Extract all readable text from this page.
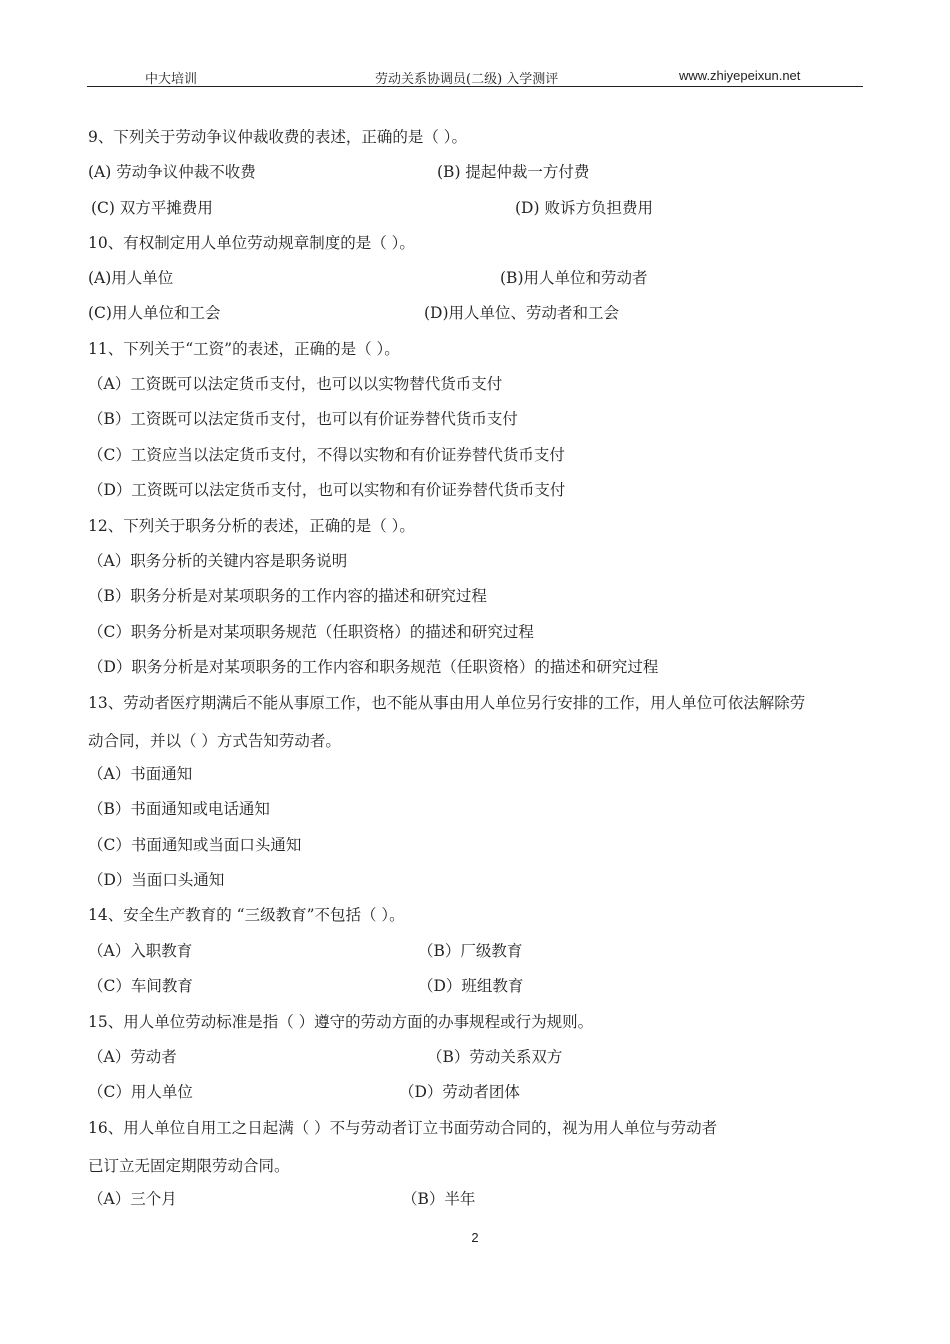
中大培训	劳动关系协调员(二级) 入学测评	www.zhiyepeixun.net
9、下列关于劳动争议仲裁收费的表述，正确的是（ ）。
(A) 劳动争议仲裁不收费	(B) 提起仲裁一方付费
(C) 双方平摊费用	(D) 败诉方负担费用
10、有权制定用人单位劳动规章制度的是（ ）。
(A)用人单位	(B)用人单位和劳动者
(C)用人单位和工会	(D)用人单位、劳动者和工会
11、下列关于“工资”的表述，正确的是（ ）。
（A）工资既可以法定货币支付，也可以以实物替代货币支付
（B）工资既可以法定货币支付，也可以有价证券替代货币支付
（C）工资应当以法定货币支付，不得以实物和有价证券替代货币支付
（D）工资既可以法定货币支付，也可以实物和有价证券替代货币支付
12、下列关于职务分析的表述，正确的是（ ）。
（A）职务分析的关键内容是职务说明
（B）职务分析是对某项职务的工作内容的描述和研究过程
（C）职务分析是对某项职务规范（任职资格）的描述和研究过程
（D）职务分析是对某项职务的工作内容和职务规范（任职资格）的描述和研究过程
13、劳动者医疗期满后不能从事原工作，也不能从事由用人单位另行安排的工作，用人单位可依法解除劳
动合同，并以（ ）方式告知劳动者。
（A）书面通知
（B）书面通知或电话通知
（C）书面通知或当面口头通知
（D）当面口头通知
14、安全生产教育的 “三级教育”不包括（ ）。
（A）入职教育	（B）厂级教育
（C）车间教育	（D）班组教育
15、用人单位劳动标准是指（ ）遵守的劳动方面的办事规程或行为规则。
（A）劳动者	（B）劳动关系双方
（C）用人单位	（D）劳动者团体
16、用人单位自用工之日起满（ ）不与劳动者订立书面劳动合同的，视为用人单位与劳动者
已订立无固定期限劳动合同。
（A）三个月	（B）半年
2
